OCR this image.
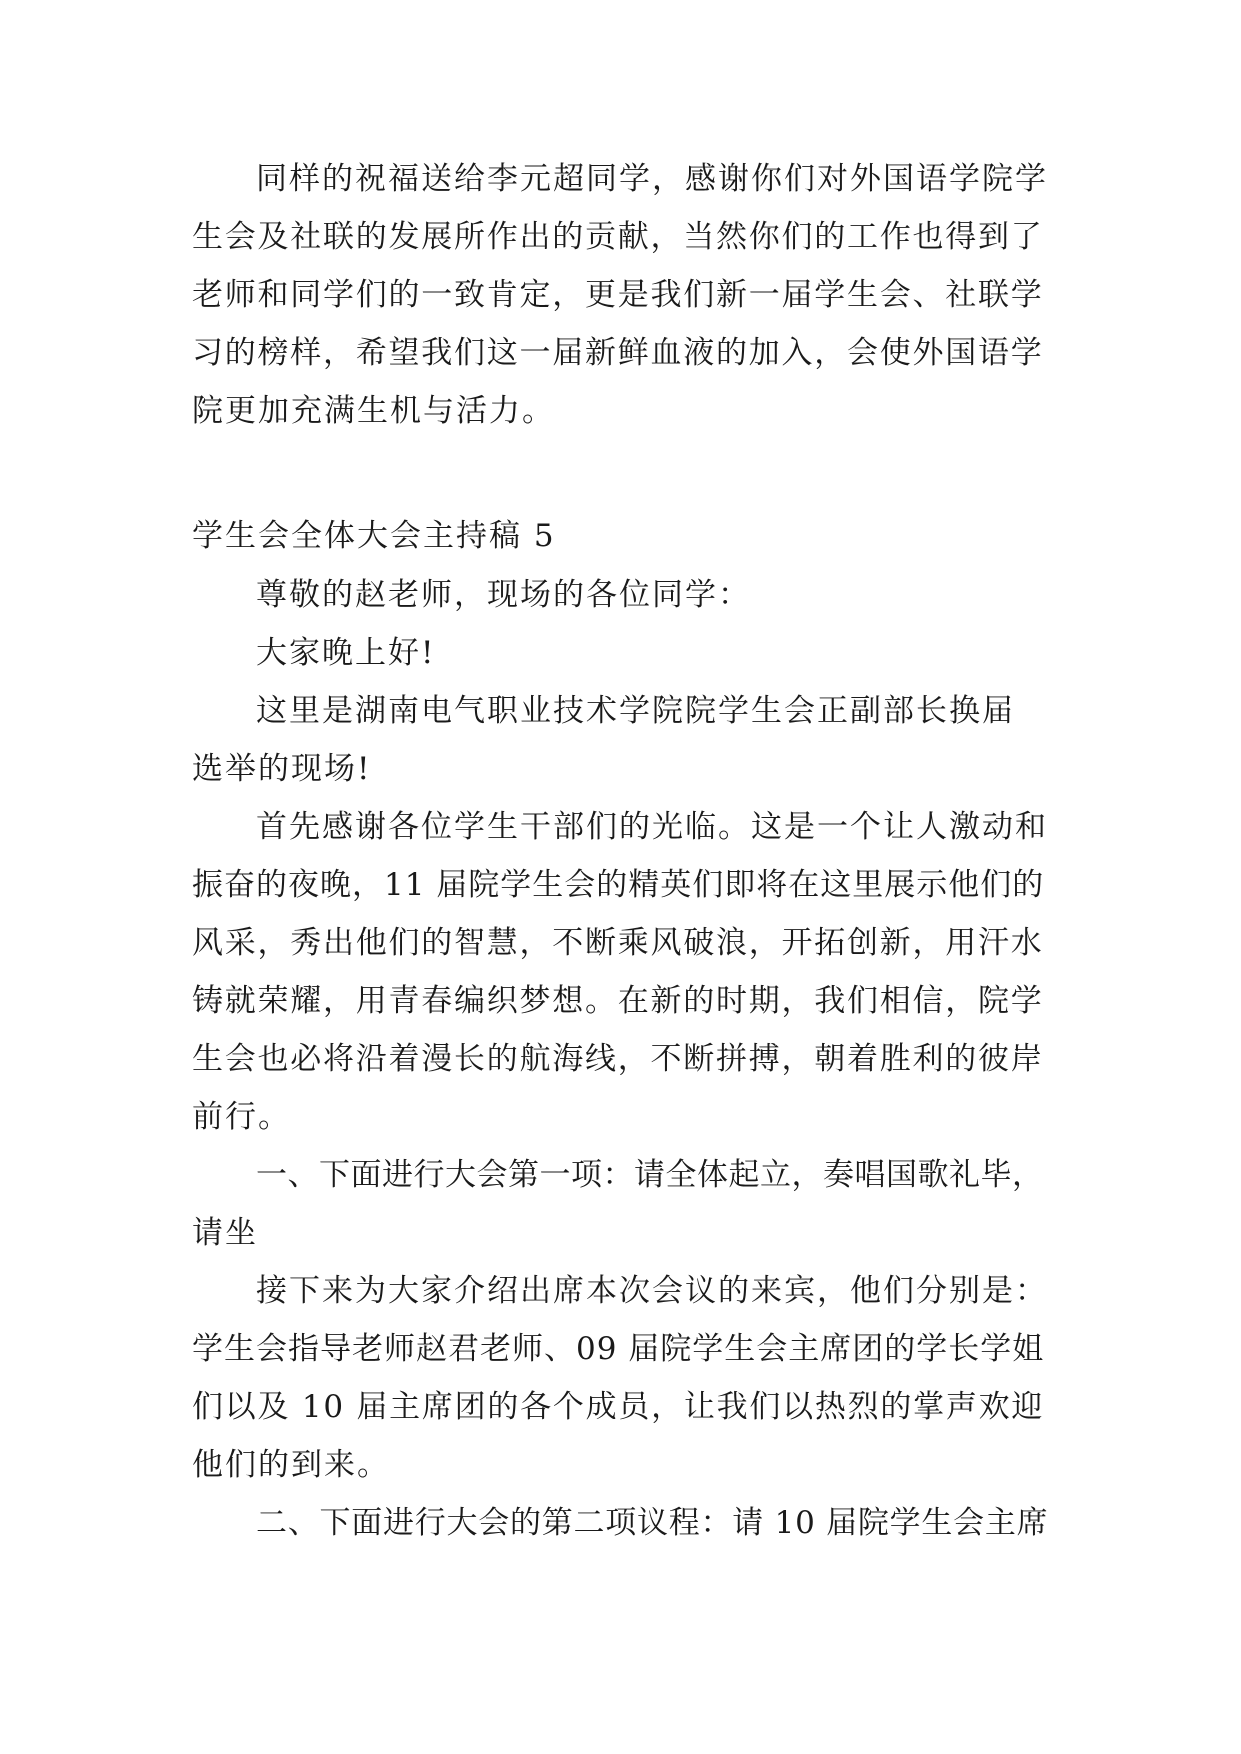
同样的祝福送给李元超同学，感谢你们对外国语学院学
生会及社联的发展所作出的贡献，当然你们的工作也得到了
老师和同学们的一致肯定，更是我们新一届学生会、社联学
习的榜样，希望我们这一届新鲜血液的加入，会使外国语学
院更加充满生机与活力。
学生会全体大会主持稿 5
尊敬的赵老师，现场的各位同学：
大家晚上好!
这里是湖南电气职业技术学院院学生会正副部长换届
选举的现场!
首先感谢各位学生干部们的光临。这是一个让人激动和
振奋的夜晚，11 届院学生会的精英们即将在这里展示他们的
风采，秀出他们的智慧，不断乘风破浪，开拓创新，用汗水
铸就荣耀，用青春编织梦想。在新的时期，我们相信，院学
生会也必将沿着漫长的航海线，不断拼搏，朝着胜利的彼岸
前行。
一、下面进行大会第一项：请全体起立，奏唱国歌礼毕，
请坐
接下来为大家介绍出席本次会议的来宾，他们分别是：
学生会指导老师赵君老师、09 届院学生会主席团的学长学姐
们以及 10 届主席团的各个成员，让我们以热烈的掌声欢迎
他们的到来。
二、下面进行大会的第二项议程：请 10 届院学生会主席
